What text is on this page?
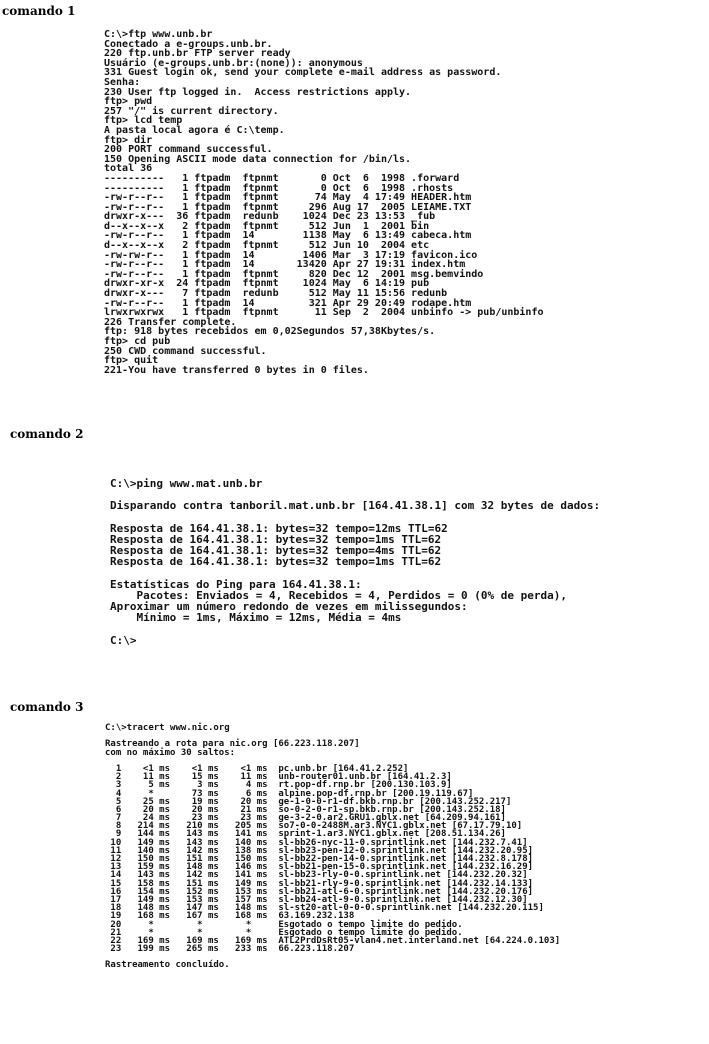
comando 1
C:\>ftp www.unb.br
Conectado a e-groups.unb.br.
220 ftp.unb.br FTP server ready
Usuário (e-groups.unb.br:(none)): anonymous
331 Guest login ok, send your complete e-mail address as password.
Senha:
230 User ftp logged in.  Access restrictions apply.
ftp> pwd
257 "/" is current directory.
ftp> lcd temp
A pasta local agora é C:\temp.
ftp> dir
200 PORT command successful.
150 Opening ASCII mode data connection for /bin/ls.
total 36
----------   1 ftpadm  ftpnmt       0 Oct  6  1998 .forward
----------   1 ftpadm  ftpnmt       0 Oct  6  1998 .rhosts
-rw-r--r--   1 ftpadm  ftpnmt      74 May  4 17:49 HEADER.htm
-rw-r--r--   1 ftpadm  ftpnmt     296 Aug 17  2005 LEIAME.TXT
drwxr-x---  36 ftpadm  redunb    1024 Dec 23 13:53 _fub
d--x--x--x   2 ftpadm  ftpnmt     512 Jun  1  2001 bin
-rw-r--r--   1 ftpadm  14        1138 May  6 13:49 cabeca.htm
d--x--x--x   2 ftpadm  ftpnmt     512 Jun 10  2004 etc
-rw-rw-r--   1 ftpadm  14        1406 Mar  3 17:19 favicon.ico
-rw-r--r--   1 ftpadm  14       13420 Apr 27 19:31 index.htm
-rw-r--r--   1 ftpadm  ftpnmt     820 Dec 12  2001 msg.bemvindo
drwxr-xr-x  24 ftpadm  ftpnmt    1024 May  6 14:19 pub
drwxr-x---   7 ftpadm  redunb     512 May 11 15:56 redunb
-rw-r--r--   1 ftpadm  14         321 Apr 29 20:49 rodape.htm
lrwxrwxrwx   1 ftpadm  ftpnmt      11 Sep  2  2004 unbinfo -> pub/unbinfo
226 Transfer complete.
ftp: 918 bytes recebidos em 0,02Segundos 57,38Kbytes/s.
ftp> cd pub
250 CWD command successful.
ftp> quit
221-You have transferred 0 bytes in 0 files.
comando 2
C:\>ping www.mat.unb.br
Disparando contra tanboril.mat.unb.br [164.41.38.1] com 32 bytes de dados:
Resposta de 164.41.38.1: bytes=32 tempo=12ms TTL=62
Resposta de 164.41.38.1: bytes=32 tempo=1ms TTL=62
Resposta de 164.41.38.1: bytes=32 tempo=4ms TTL=62
Resposta de 164.41.38.1: bytes=32 tempo=1ms TTL=62
Estatísticas do Ping para 164.41.38.1:
Pacotes: Enviados = 4, Recebidos = 4, Perdidos = 0 (0% de perda),
Aproximar um número redondo de vezes em milissegundos:
Mínimo = 1ms, Máximo = 12ms, Média = 4ms
C:\>
comando 3
C:\>tracert www.nic.org
Rastreando a rota para nic.org [66.223.118.207]
com no máximo 30 saltos:
1    <1 ms    <1 ms    <1 ms  pc.unb.br [164.41.2.252]
2    11 ms    15 ms    11 ms  unb-router01.unb.br [164.41.2.3]
3     5 ms     3 ms     4 ms  rt.pop-df.rnp.br [200.130.103.9]
4     *       73 ms     6 ms  alpine.pop-df.rnp.br [200.19.119.67]
5    25 ms    19 ms    20 ms  ge-1-0-0-r1-df.bkb.rnp.br [200.143.252.217]
6    20 ms    20 ms    21 ms  so-0-2-0-r1-sp.bkb.rnp.br [200.143.252.18]
7    24 ms    23 ms    23 ms  ge-3-2-0.ar2.GRU1.gblx.net [64.209.94.161]
8   214 ms   210 ms   205 ms  so7-0-0-2488M.ar3.NYC1.gblx.net [67.17.79.10]
9   144 ms   143 ms   141 ms  sprint-1.ar3.NYC1.gblx.net [208.51.134.26]
10   149 ms   143 ms   140 ms  sl-bb26-nyc-11-0.sprintlink.net [144.232.7.41]
11   140 ms   142 ms   138 ms  sl-bb23-pen-12-0.sprintlink.net [144.232.20.95]
12   150 ms   151 ms   150 ms  sl-bb22-pen-14-0.sprintlink.net [144.232.8.178]
13   159 ms   148 ms   146 ms  sl-bb21-pen-15-0.sprintlink.net [144.232.16.29]
14   143 ms   142 ms   141 ms  sl-bb23-rly-0-0.sprintlink.net [144.232.20.32]
15   158 ms   151 ms   149 ms  sl-bb21-rly-9-0.sprintlink.net [144.232.14.133]
16   154 ms   152 ms   153 ms  sl-bb21-atl-6-0.sprintlink.net [144.232.20.176]
17   149 ms   153 ms   157 ms  sl-bb24-atl-9-0.sprintlink.net [144.232.12.30]
18   148 ms   147 ms   148 ms  sl-st20-atl-0-0-0.sprintlink.net [144.232.20.115]
19   168 ms   167 ms   168 ms  63.169.232.138
20     *        *        *     Esgotado o tempo limite do pedido.
21     *        *        *     Esgotado o tempo limite do pedido.
22   169 ms   169 ms   169 ms  ATL2PrdDsRt05-vlan4.net.interland.net [64.224.0.103]
23   199 ms   265 ms   233 ms  66.223.118.207
Rastreamento concluído.
